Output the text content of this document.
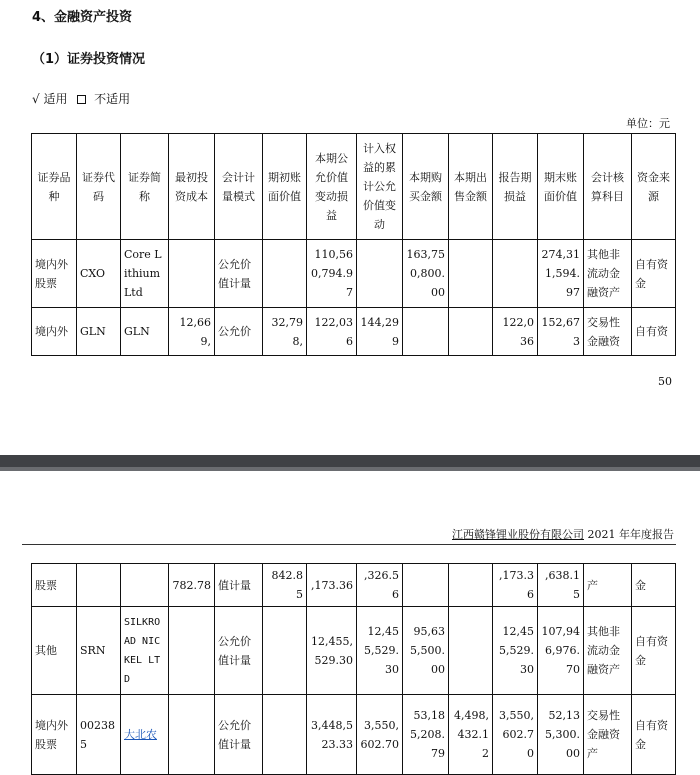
4、金融资产投资
（1）证券投资情况
√ 适用 不适用
单位：元
证券品种	证券代码	证券简称	最初投资成本	会计计量模式	期初账面价值	本期公允价值变动损益	计入权益的累计公允价值变动	本期购买金额	本期出售金额	报告期损益	期末账面价值	会计核算科目	资金来源
境内外股票	CXO	Core Lithium Ltd		公允价值计量		110,560,794.97		163,750,800.00			274,311,594.97	其他非流动金融资产	自有资金
境内外	GLN	GLN	12,669,	公允价	32,798,	122,036	144,299			122,036	152,673	交易性金融资	自有资
50
江西赣锋锂业股份有限公司 2021 年年度报告
股票			782.78	值计量	842.85	,173.36	,326.56			,173.36	,638.15	产	金
其他	SRN	SILKROAD NICKEL LTD		公允价值计量		12,455,529.30	12,455,529.30	95,635,500.00		12,455,529.30	107,946,976.70	其他非流动金融资产	自有资金
境内外股票	002385	大北农		公允价值计量		3,448,523.33	3,550,602.70	53,185,208.79	4,498,432.12	3,550,602.70	52,135,300.00	交易性金融资产	自有资金
